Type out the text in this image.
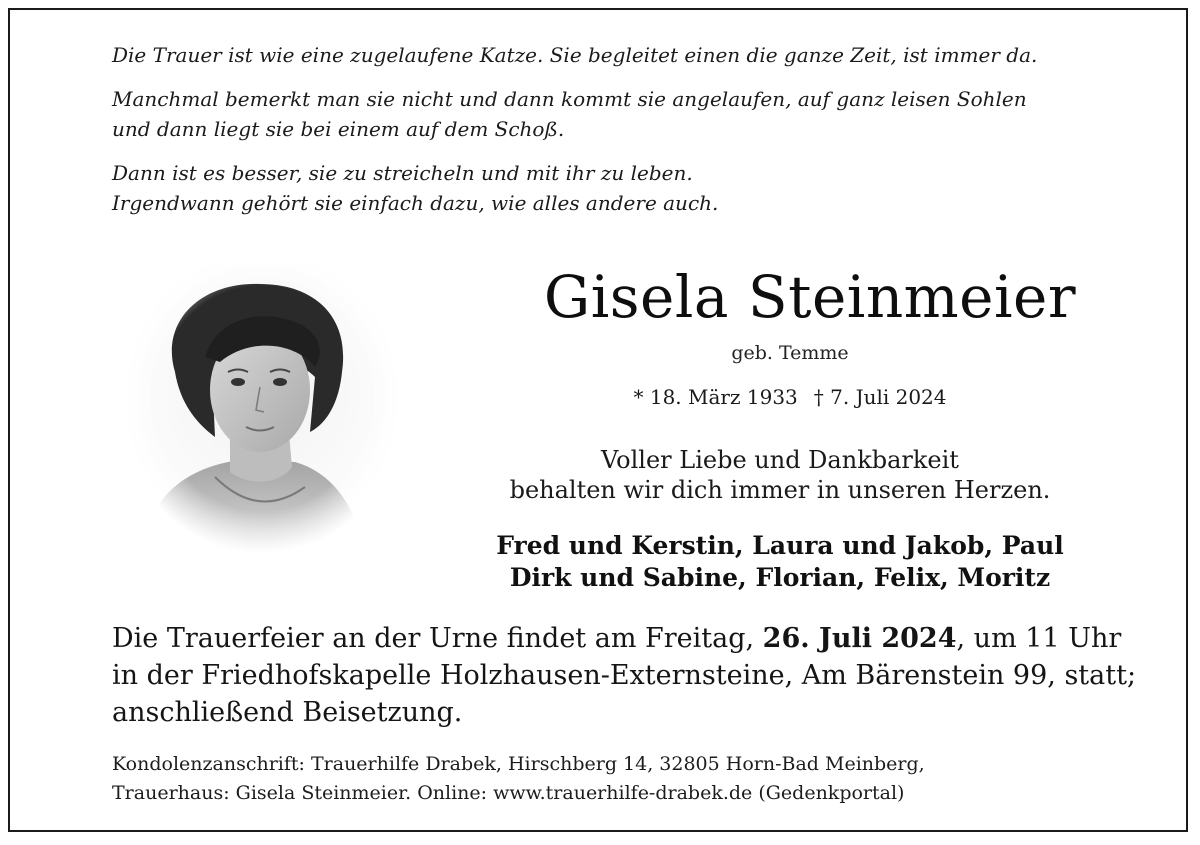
Die Trauer ist wie eine zugelaufene Katze. Sie begleitet einen die ganze Zeit, ist immer da.

Manchmal bemerkt man sie nicht und dann kommt sie angelaufen, auf ganz leisen Sohlen
und dann liegt sie bei einem auf dem Schoß.

Dann ist es besser, sie zu streicheln und mit ihr zu leben.
Irgendwann gehört sie einfach dazu, wie alles andere auch.

Gisela Steinmeier
geb. Temme
* 18. März 1933 † 7. Juli 2024
Voller Liebe und Dankbarkeit
behalten wir dich immer in unseren Herzen.
Fred und Kerstin, Laura und Jakob, Paul
Dirk und Sabine, Florian, Felix, Moritz
Die Trauerfeier an der Urne findet am Freitag, 26. Juli 2024, um 11 Uhr
in der Friedhofskapelle Holzhausen-Externsteine, Am Bärenstein 99, statt;
anschließend Beisetzung.
Kondolenzanschrift: Trauerhilfe Drabek, Hirschberg 14, 32805 Horn-Bad Meinberg,
Trauerhaus: Gisela Steinmeier. Online: www.trauerhilfe-drabek.de (Gedenkportal)
